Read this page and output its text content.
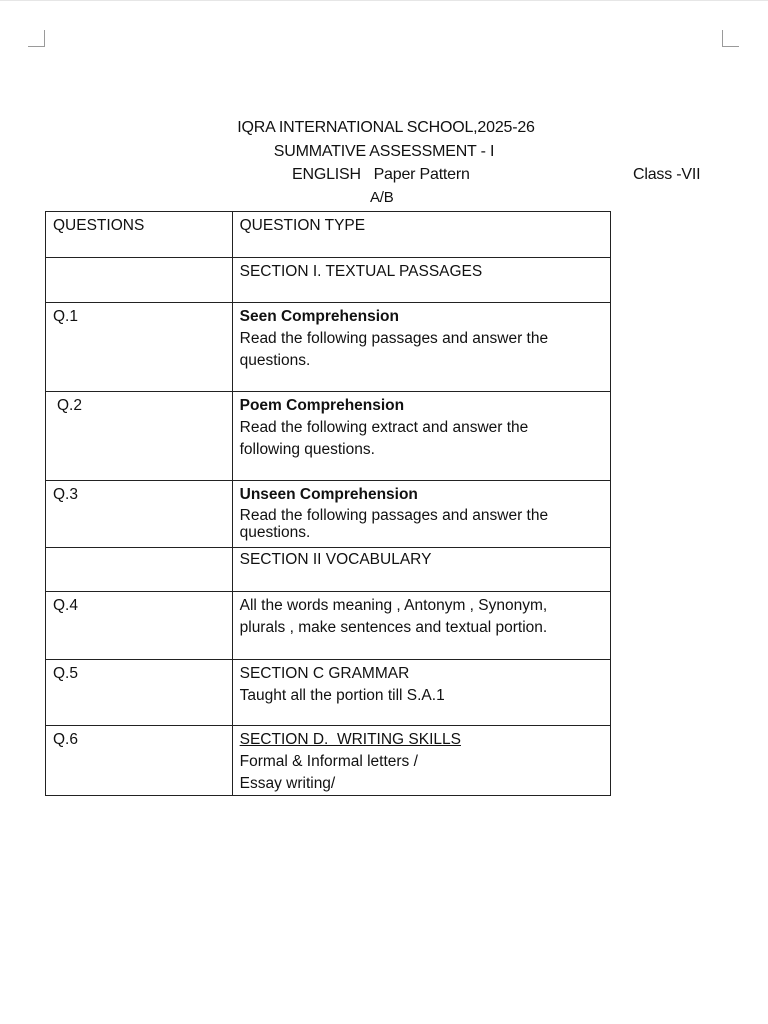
IQRA INTERNATIONAL SCHOOL,2025-26
SUMMATIVE ASSESSMENT - I
ENGLISH   Paper Pattern
A/B
Class -VII
QUESTIONS	QUESTION TYPE

	SECTION I. TEXTUAL PASSAGES

Q.1	Seen Comprehension
Read the following passages and answer the
questions.

Q.2	Poem Comprehension
Read the following extract and answer the
following questions.

Q.3	Unseen Comprehension
Read the following passages and answer the
questions.

	SECTION II VOCABULARY

Q.4	All the words meaning , Antonym , Synonym,
plurals , make sentences and textual portion.

Q.5	SECTION C GRAMMAR
Taught all the portion till S.A.1

Q.6	SECTION D.  WRITING SKILLS
Formal & Informal letters /
Essay writing/
